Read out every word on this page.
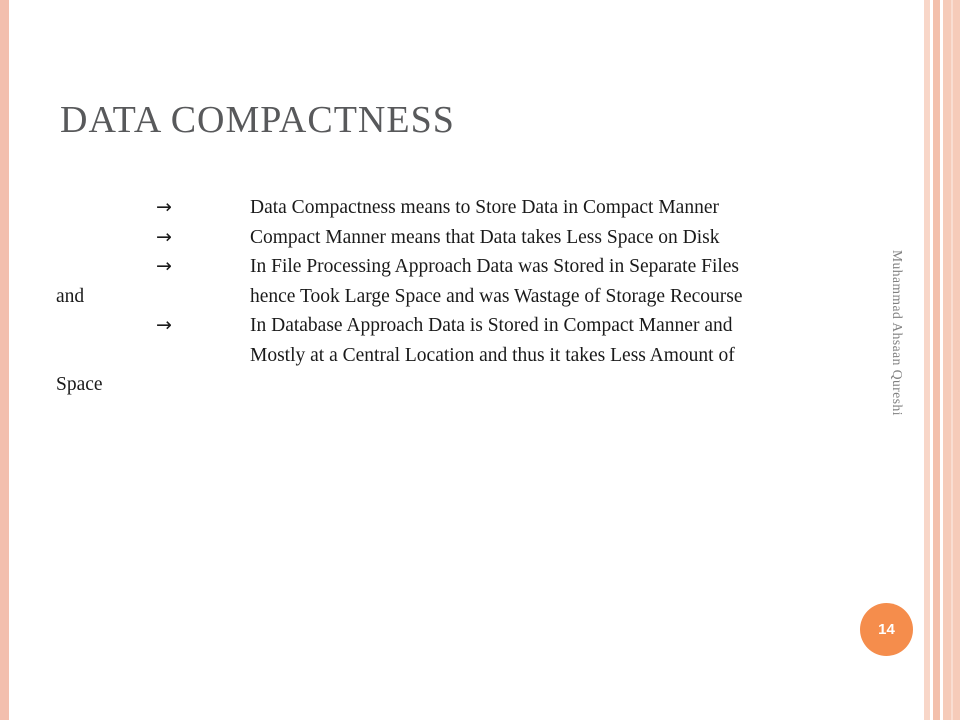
DATA COMPACTNESS
→	Data Compactness means to Store Data in Compact Manner
→	Compact Manner means that Data takes Less Space on Disk
→	In File Processing Approach Data was Stored in Separate Files
and	hence Took Large Space and was Wastage of Storage Recourse
→	In Database Approach Data is Stored in Compact Manner and
Mostly at a Central Location and thus it takes Less Amount of
Space	Muhammad Ahsaan Qureshi
14
